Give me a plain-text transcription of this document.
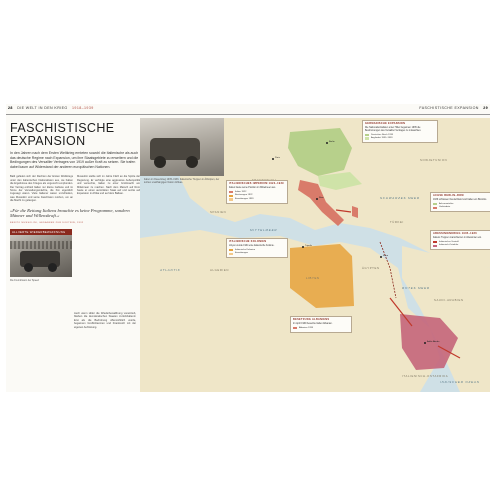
28 DIE WELT IN DEN KRIEG 1918–1939	FASCHISTISCHE EXPANSION 29
FASCHISTISCHE EXPANSION

In den Jahren nach dem Ersten Weltkrieg ernteten sowohl die Italienische als auch das deutsche Regime nach Expansion, um ihre Staatsgebiete zu erweitern und die Bedingungen des Versailler Vertrages von 1919 außer Kraft zu setzen. Sie trafen dabei kaum auf Widerstand der anderen europäischen Nationen.

Bald gefielen sich der Rechten der Ersten Weltkriegs unter den italienischen Nationalisten aus, sie haben die Ergebnisse des Krieges als ungerecht empfunden. Der Vertrag enthielt Italien nur kleine Gebiete und im Sinne der Verwaltungsmächte, die ihm eigentlich zugesagt waren. Viele Italiener waren unzufrieden, was Mussolini und seine Faschisten nutzten, um an die Macht zu gelangen.
Mussolini stellte sich im Jahre 1922 an die Spitze der Regierung. Er verfolgte eine aggressive Außenpolitik und versuchte, Italien zu einer Großmacht am Mittelmeer zu machen. Nach dem Marsch auf Rom baute er einen autoritären Staat auf und setzte auf Expansion in Afrika und auf dem Balkan.
»Für die Rettung Italiens brauchte es keine Programme, sondern Männer und Willenskraft.«
BENITO MUSSOLINI, GEDANKEN ZUR DOKTRIN, 1932
ALLIIERTE WIEDERBEWAFFNUNG
Die Fremdmann der Speed
Auch wenn Hitler die Wiederbewaffnung vorantrieb, blieben die demokratischen Staaten zurückhaltend. Erst als die Bedrohung offensichtlich wurde, begannen Großbritannien und Frankreich mit der eigenen Aufrüstung.
Italien im Dauerkrieg 1935–1936. Italienische Truppen in Äthiopien, der letzten unabhängigen Nation Afrikas.
ATLANTIK
MITTELMEER
SCHWARZES MEER
ROTES MEER
INDISCHER OZEAN
ALGERIEN
LIBYEN
ÄGYPTEN
ITALIENISCH-OSTAFRIKA
SAUDI-ARABIEN
TÜRKEI
SOWJETUNION
SPANIEN
Rom
Berlin
Paris
Kairo
Addis Abeba
Tripolis
GERMANISCHE EXPANSION
Die Nationalsozialisten unter Hitler begannen 1935 die Bestimmungen des Versailler Vertrages zu missachten.
Deutsches Reich 1933
Angliedert 1935–1939
ITALIENISCHES IMPERIUM 1922–1939
Italien baute seine Position im Mittelmeer aus.
Italien 1922
Besitzungen 1922
Erwerbungen 1939
ACHSE BERLIN–ROM
1936 schlossen Deutschland und Italien ein Bündnis.
Achsenmächte
Verbündete
ABESSINIENKRIEG 1935–1936
Italiens Truppen marschierten in Abessinien ein.
Italienischer Vorstoß
Italienisch-Ostafrika
ITALIENISCHE KOLONIEN
Libyen wurde 1934 eine italienische Kolonie.
Italienische Kolonien
Erwerbungen
BESETZUNG ALBANIENS
Im April 1939 besetzte Italien Albanien.
Albanien 1939
